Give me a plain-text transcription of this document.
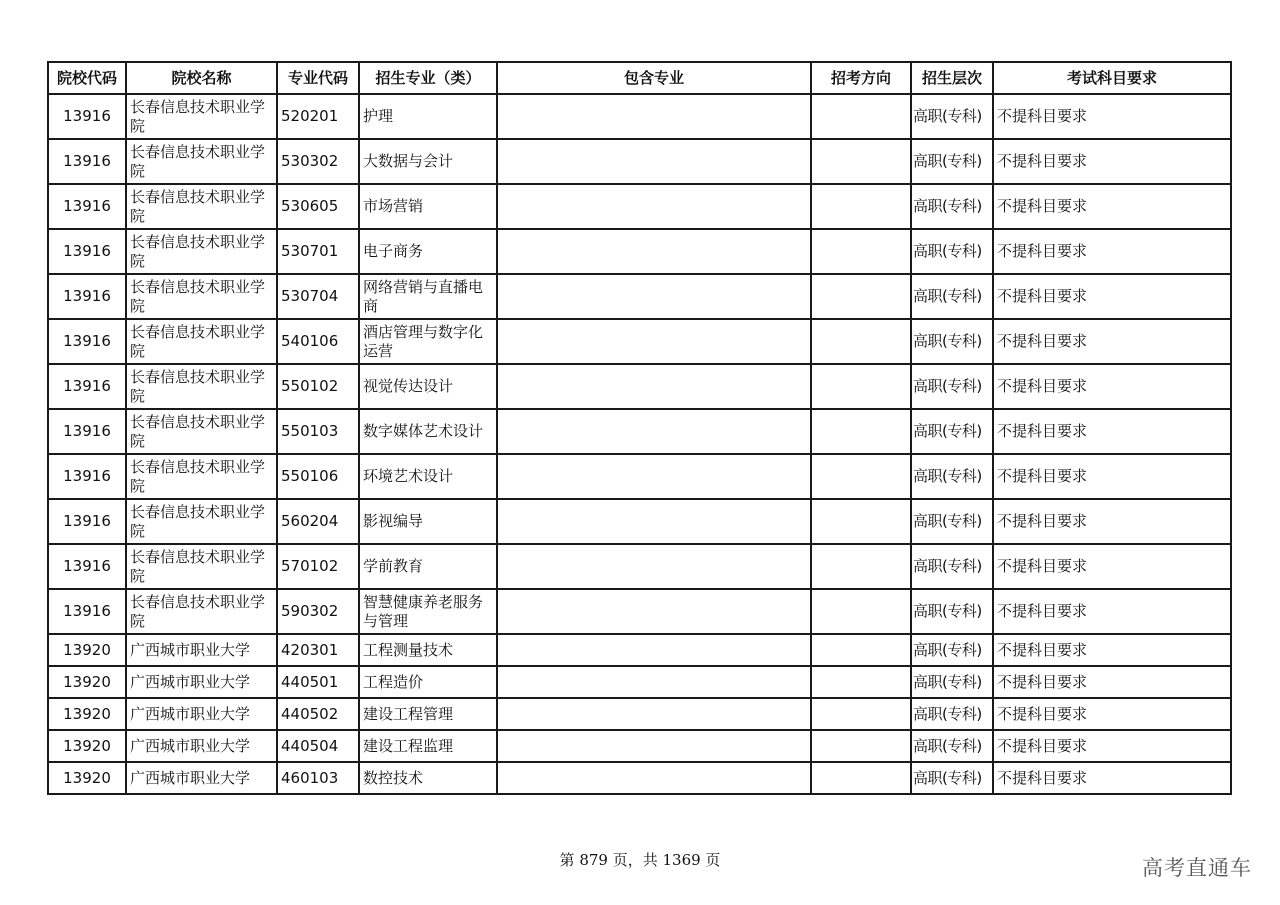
院校代码	院校名称	专业代码	招生专业（类）	包含专业	招考方向	招生层次	考试科目要求
13916	长春信息技术职业学院	520201	护理			高职(专科)	不提科目要求
13916	长春信息技术职业学院	530302	大数据与会计			高职(专科)	不提科目要求
13916	长春信息技术职业学院	530605	市场营销			高职(专科)	不提科目要求
13916	长春信息技术职业学院	530701	电子商务			高职(专科)	不提科目要求
13916	长春信息技术职业学院	530704	网络营销与直播电商			高职(专科)	不提科目要求
13916	长春信息技术职业学院	540106	酒店管理与数字化运营			高职(专科)	不提科目要求
13916	长春信息技术职业学院	550102	视觉传达设计			高职(专科)	不提科目要求
13916	长春信息技术职业学院	550103	数字媒体艺术设计			高职(专科)	不提科目要求
13916	长春信息技术职业学院	550106	环境艺术设计			高职(专科)	不提科目要求
13916	长春信息技术职业学院	560204	影视编导			高职(专科)	不提科目要求
13916	长春信息技术职业学院	570102	学前教育			高职(专科)	不提科目要求
13916	长春信息技术职业学院	590302	智慧健康养老服务与管理			高职(专科)	不提科目要求
13920	广西城市职业大学	420301	工程测量技术			高职(专科)	不提科目要求
13920	广西城市职业大学	440501	工程造价			高职(专科)	不提科目要求
13920	广西城市职业大学	440502	建设工程管理			高职(专科)	不提科目要求
13920	广西城市职业大学	440504	建设工程监理			高职(专科)	不提科目要求
13920	广西城市职业大学	460103	数控技术			高职(专科)	不提科目要求
第 879 页，共 1369 页	高考直通车
